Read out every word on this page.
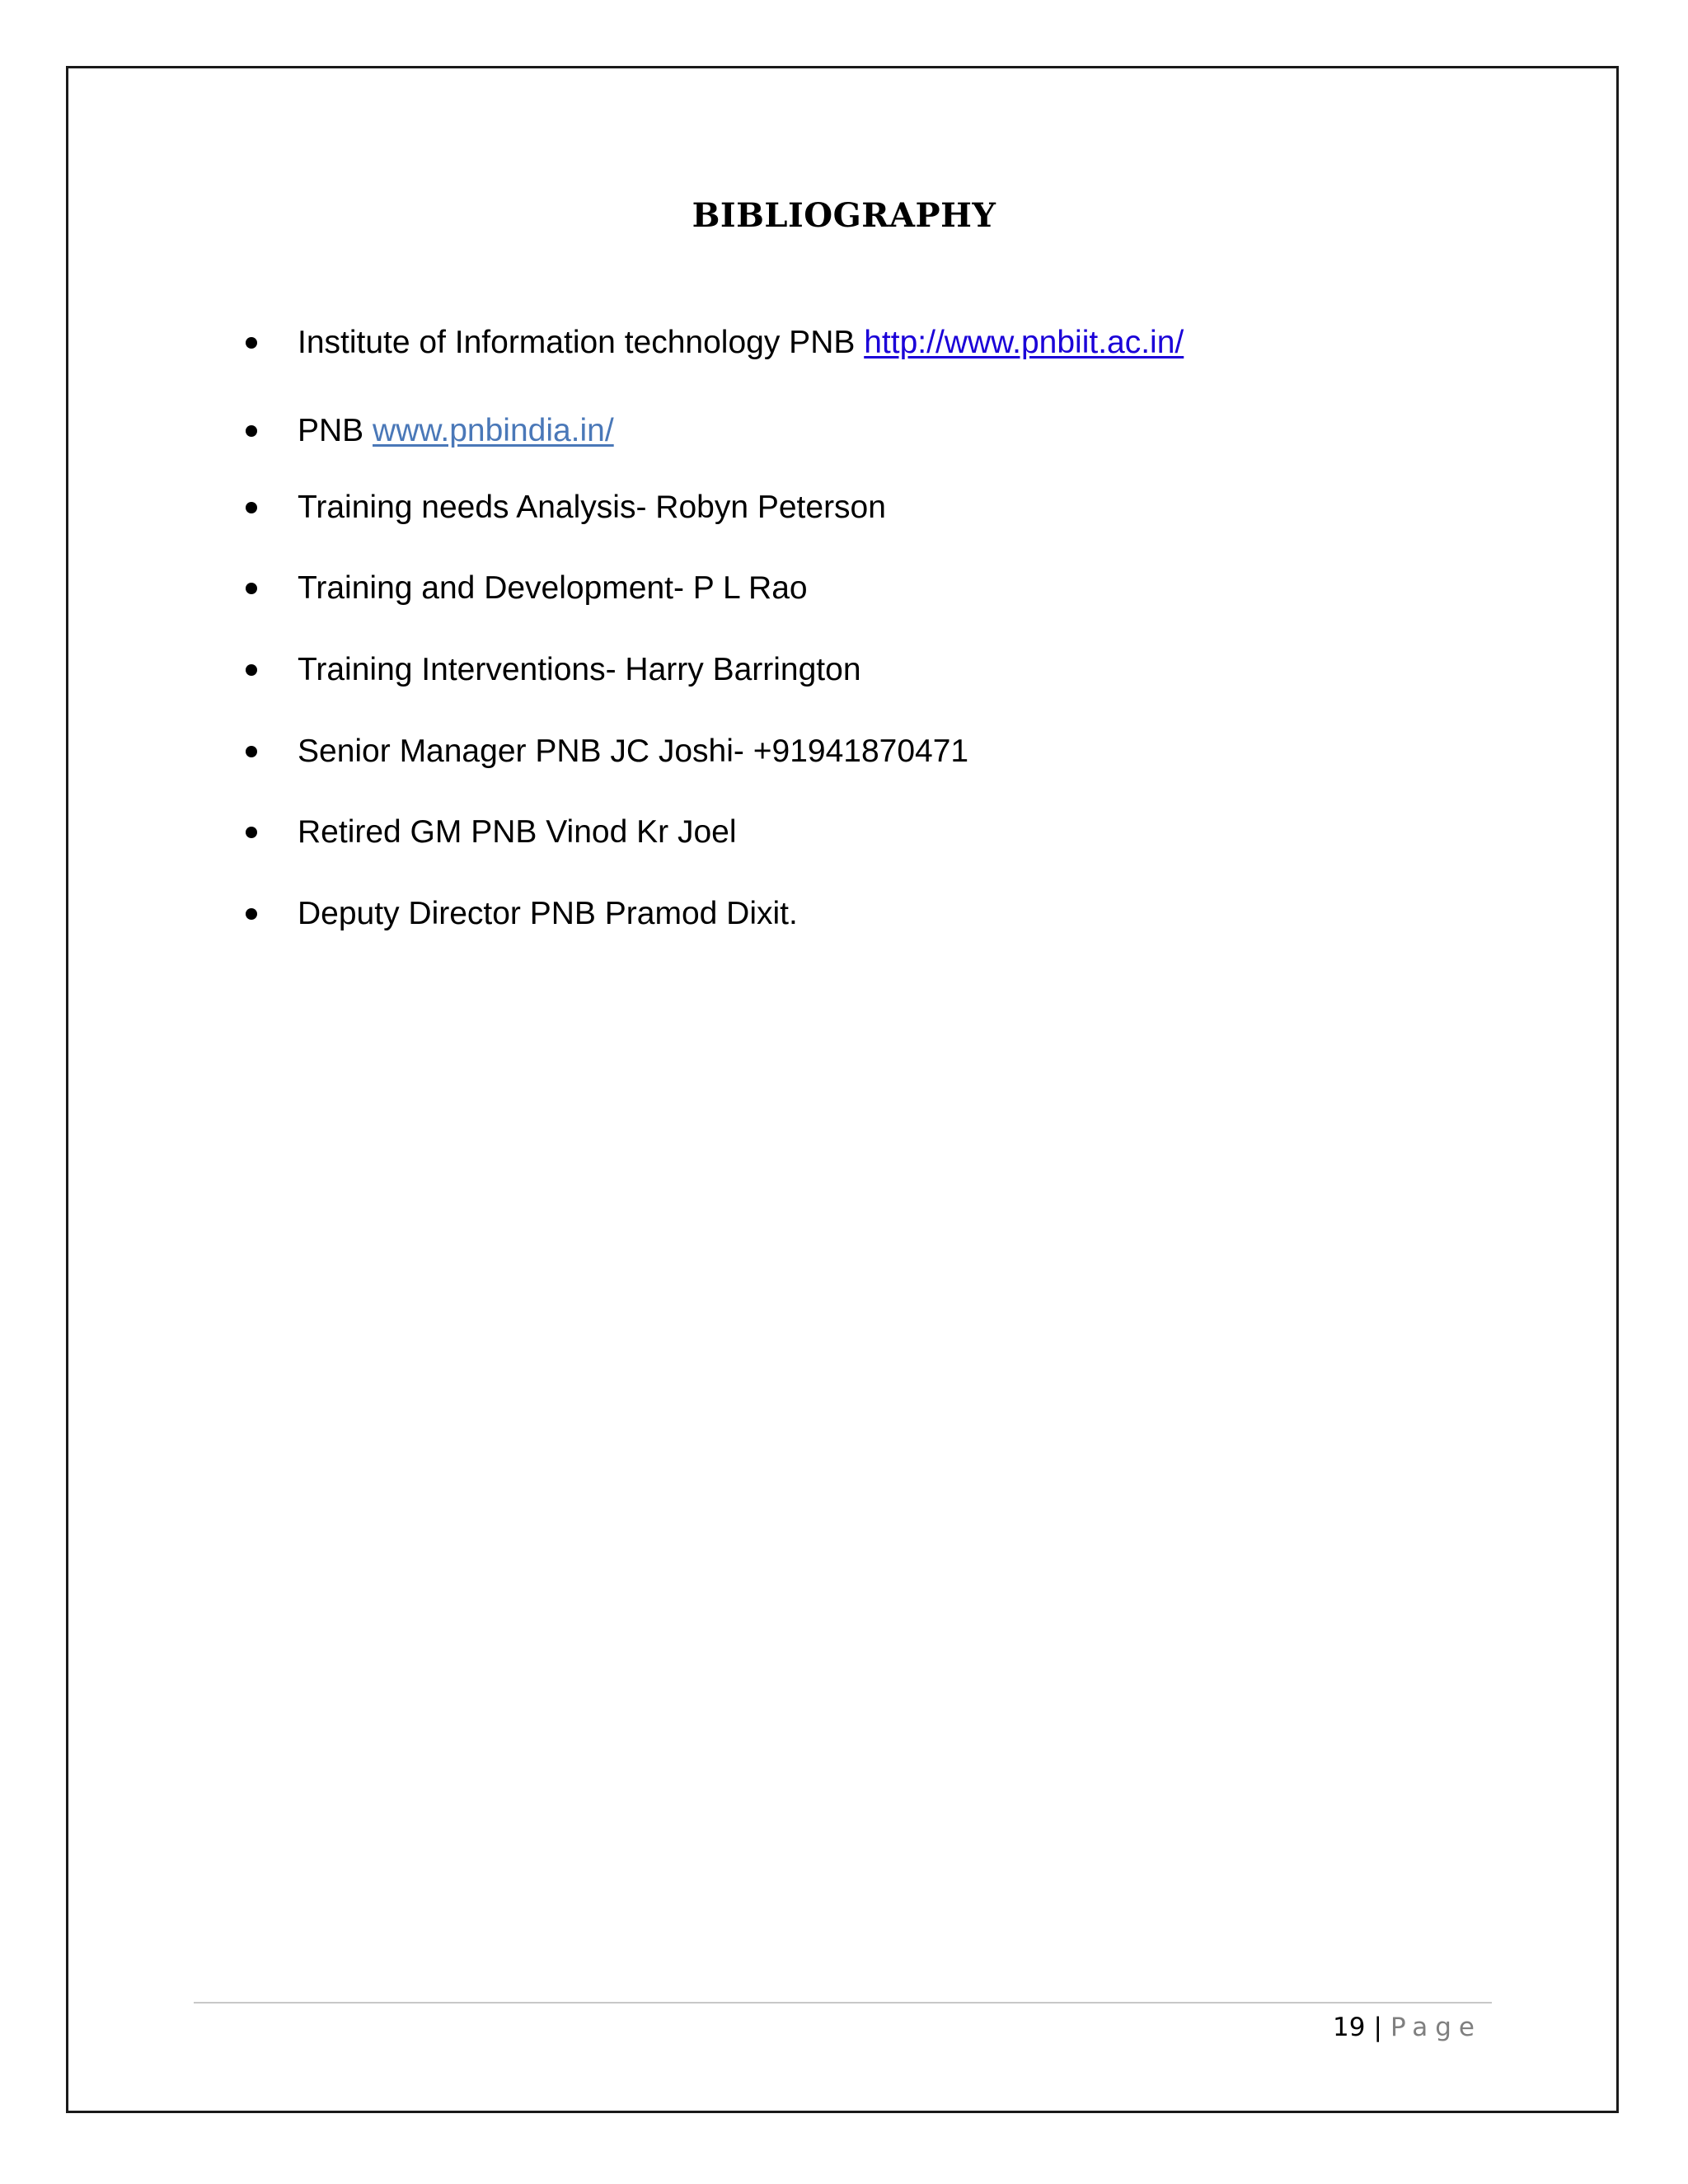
BIBLIOGRAPHY
Institute of Information technology PNB http://www.pnbiit.ac.in/
PNB www.pnbindia.in/
Training needs Analysis- Robyn Peterson
Training and Development- P L Rao
Training Interventions- Harry Barrington
Senior Manager PNB JC Joshi- +91941870471
Retired GM PNB Vinod Kr Joel
Deputy Director PNB Pramod Dixit.
19 | Page
